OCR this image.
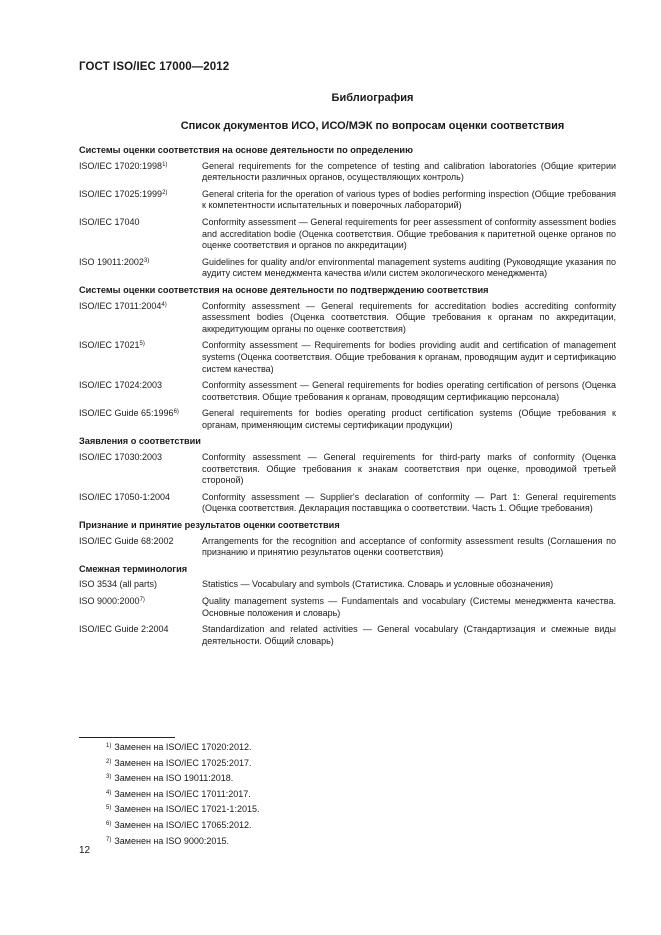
ГОСТ ISO/IEC 17000—2012
Библиография
Список документов ИСО, ИСО/МЭК по вопросам оценки соответствия
Системы оценки соответствия на основе деятельности по определению
ISO/IEC 17020:1998$^{1)}$	General requirements for the competence of testing and calibration laboratories (Общие критерии деятельности различных органов, осуществляющих контроль)
ISO/IEC 17025:1999$^{2)}$	General criteria for the operation of various types of bodies performing inspection (Общие требования к компетентности испытательных и поверочных лабораторий)
ISO/IEC 17040	Conformity assessment — General requirements for peer assessment of conformity assessment bodies and accreditation bodie (Оценка соответствия. Общие требования к паритетной оценке органов по оценке соответствия и органов по аккредитации)
ISO 19011:2002$^{3)}$	Guidelines for quality and/or environmental management systems auditing (Руководящие указания по аудиту систем менеджмента качества и/или систем экологического менеджмента)
Системы оценки соответствия на основе деятельности по подтверждению соответствия
ISO/IEC 17011:2004$^{4)}$	Conformity assessment — General requirements for accreditation bodies accrediting conformity assessment bodies (Оценка соответствия. Общие требования к органам по аккредитации, аккредитующим органы по оценке соответствия)
ISO/IEC 17021$^{5)}$	Conformity assessment — Requirements for bodies providing audit and certification of management systems (Оценка соответствия. Общие требования к органам, проводящим аудит и сертификацию систем качества)
ISO/IEC 17024:2003	Conformity assessment — General requirements for bodies operating certification of persons (Оценка соответствия. Общие требования к органам, проводящим сертификацию персонала)
ISO/IEC Guide 65:1996$^{6)}$	General requirements for bodies operating product certification systems (Общие требования к органам, применяющим системы сертификации продукции)
Заявления о соответствии
ISO/IEC 17030:2003	Conformity assessment — General requirements for third-party marks of conformity (Оценка соответствия. Общие требования к знакам соответствия при оценке, проводимой третьей стороной)
ISO/IEC 17050-1:2004	Conformity assessment — Supplier's declaration of conformity — Part 1: General requirements (Оценка соответствия. Декларация поставщика о соответствии. Часть 1. Общие требования)
Признание и принятие результатов оценки соответствия
ISO/IEC Guide 68:2002	Arrangements for the recognition and acceptance of conformity assessment results (Соглашения по признанию и принятию результатов оценки соответствия)
Смежная терминология
ISO 3534 (all parts)	Statistics — Vocabulary and symbols (Статистика. Словарь и условные обозначения)
ISO 9000:2000$^{7)}$	Quality management systems — Fundamentals and vocabulary (Системы менеджмента качества. Основные положения и словарь)
ISO/IEC Guide 2:2004	Standardization and related activities — General vocabulary (Стандартизация и смежные виды деятельности. Общий словарь)
$^{1)}$ Заменен на ISO/IEC 17020:2012.
$^{2)}$ Заменен на ISO/IEC 17025:2017.
$^{3)}$ Заменен на ISO 19011:2018.
$^{4)}$ Заменен на ISO/IEC 17011:2017.
$^{5)}$ Заменен на ISO/IEC 17021-1:2015.
$^{6)}$ Заменен на ISO/IEC 17065:2012.
$^{7)}$ Заменен на ISO 9000:2015.
12
